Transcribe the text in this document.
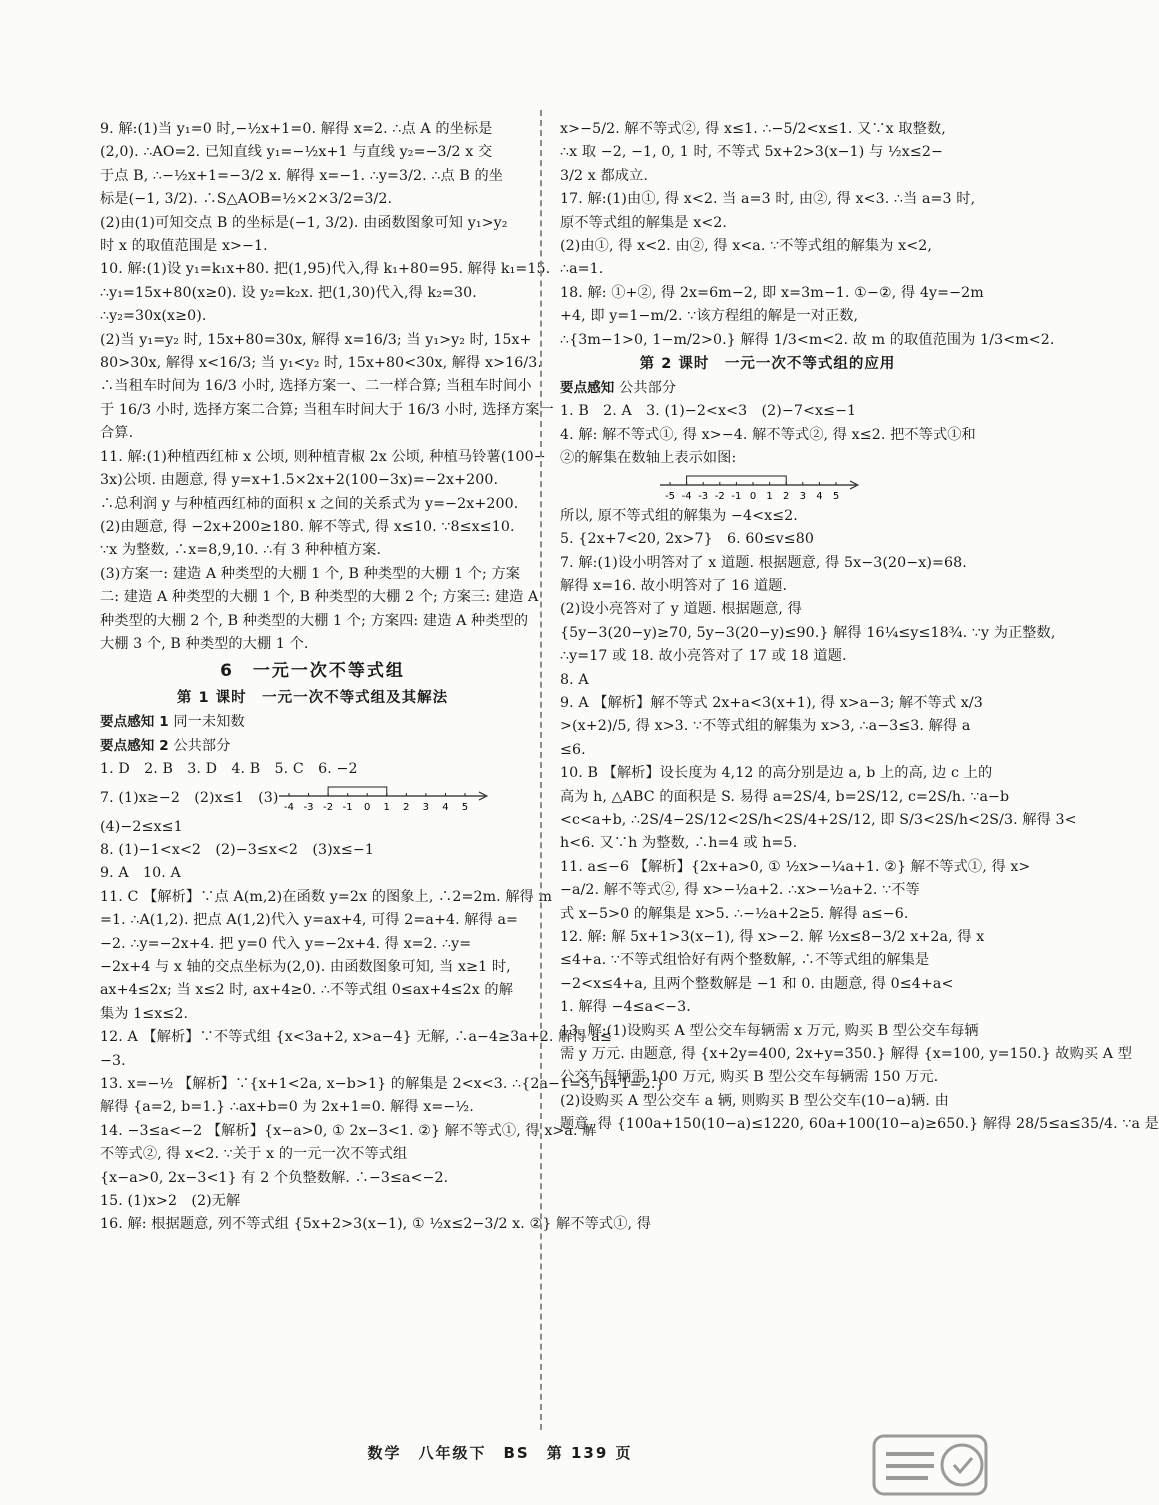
9. 解:(1)当 y₁=0 时,−½x+1=0. 解得 x=2. ∴点 A 的坐标是
(2,0). ∴AO=2. 已知直线 y₁=−½x+1 与直线 y₂=−3/2 x 交
于点 B, ∴−½x+1=−3/2 x. 解得 x=−1. ∴y=3/2. ∴点 B 的坐
标是(−1, 3/2). ∴S△AOB=½×2×3/2=3/2.
(2)由(1)可知交点 B 的坐标是(−1, 3/2). 由函数图象可知 y₁>y₂
时 x 的取值范围是 x>−1.
10. 解:(1)设 y₁=k₁x+80. 把(1,95)代入,得 k₁+80=95. 解得 k₁=15.
∴y₁=15x+80(x≥0). 设 y₂=k₂x. 把(1,30)代入,得 k₂=30.
∴y₂=30x(x≥0).
(2)当 y₁=y₂ 时, 15x+80=30x, 解得 x=16/3; 当 y₁>y₂ 时, 15x+
80>30x, 解得 x<16/3; 当 y₁<y₂ 时, 15x+80<30x, 解得 x>16/3.
∴当租车时间为 16/3 小时, 选择方案一、二一样合算; 当租车时间小
于 16/3 小时, 选择方案二合算; 当租车时间大于 16/3 小时, 选择方案一
合算.
11. 解:(1)种植西红柿 x 公顷, 则种植青椒 2x 公顷, 种植马铃薯(100−
3x)公顷. 由题意, 得 y=x+1.5×2x+2(100−3x)=−2x+200.
∴总利润 y 与种植西红柿的面积 x 之间的关系式为 y=−2x+200.
(2)由题意, 得 −2x+200≥180. 解不等式, 得 x≤10. ∵8≤x≤10.
∵x 为整数, ∴x=8,9,10. ∴有 3 种种植方案.
(3)方案一: 建造 A 种类型的大棚 1 个, B 种类型的大棚 1 个; 方案
二: 建造 A 种类型的大棚 1 个, B 种类型的大棚 2 个; 方案三: 建造 A
种类型的大棚 2 个, B 种类型的大棚 1 个; 方案四: 建造 A 种类型的
大棚 3 个, B 种类型的大棚 1 个.
6　一元一次不等式组
第 1 课时　一元一次不等式组及其解法
要点感知 1 同一未知数
要点感知 2 公共部分
1. D　2. B　3. D　4. B　5. C　6. −2
7. (1)x≥−2　(2)x≤1　(3)
-4 -3 -2 -1 0 1 2 3 4 5
(4)−2≤x≤1
8. (1)−1<x<2　(2)−3≤x<2　(3)x≤−1
9. A　10. A
11. C 【解析】∵点 A(m,2)在函数 y=2x 的图象上, ∴2=2m. 解得 m
=1. ∴A(1,2). 把点 A(1,2)代入 y=ax+4, 可得 2=a+4. 解得 a=
−2. ∴y=−2x+4. 把 y=0 代入 y=−2x+4. 得 x=2. ∴y=
−2x+4 与 x 轴的交点坐标为(2,0). 由函数图象可知, 当 x≥1 时,
ax+4≤2x; 当 x≤2 时, ax+4≥0. ∴不等式组 0≤ax+4≤2x 的解
集为 1≤x≤2.
12. A 【解析】∵不等式组 {x<3a+2, x>a−4} 无解, ∴a−4≥3a+2. 解得 a≤
−3.
13. x=−½ 【解析】∵{x+1<2a, x−b>1} 的解集是 2<x<3. ∴{2a−1=3, b+1=2.}
解得 {a=2, b=1.} ∴ax+b=0 为 2x+1=0. 解得 x=−½.
14. −3≤a<−2 【解析】{x−a>0, ① 2x−3<1. ②} 解不等式①, 得 x>a. 解
不等式②, 得 x<2. ∵关于 x 的一元一次不等式组
{x−a>0, 2x−3<1} 有 2 个负整数解. ∴−3≤a<−2.
15. (1)x>2　(2)无解
16. 解: 根据题意, 列不等式组 {5x+2>3(x−1), ① ½x≤2−3/2 x. ②} 解不等式①, 得
x>−5/2. 解不等式②, 得 x≤1. ∴−5/2<x≤1. 又∵x 取整数,
∴x 取 −2, −1, 0, 1 时, 不等式 5x+2>3(x−1) 与 ½x≤2−
3/2 x 都成立.
17. 解:(1)由①, 得 x<2. 当 a=3 时, 由②, 得 x<3. ∴当 a=3 时,
原不等式组的解集是 x<2.
(2)由①, 得 x<2. 由②, 得 x<a. ∵不等式组的解集为 x<2,
∴a=1.
18. 解: ①+②, 得 2x=6m−2, 即 x=3m−1. ①−②, 得 4y=−2m
+4, 即 y=1−m/2. ∵该方程组的解是一对正数,
∴{3m−1>0, 1−m/2>0.} 解得 1/3<m<2. 故 m 的取值范围为 1/3<m<2.
第 2 课时　一元一次不等式组的应用
要点感知 公共部分
1. B　2. A　3. (1)−2<x<3　(2)−7<x≤−1
4. 解: 解不等式①, 得 x>−4. 解不等式②, 得 x≤2. 把不等式①和
②的解集在数轴上表示如图:
-5 -4 -3 -2 -1 0 1 2 3 4 5
所以, 原不等式组的解集为 −4<x≤2.
5. {2x+7<20, 2x>7}　6. 60≤v≤80
7. 解:(1)设小明答对了 x 道题. 根据题意, 得 5x−3(20−x)=68.
解得 x=16. 故小明答对了 16 道题.
(2)设小亮答对了 y 道题. 根据题意, 得
{5y−3(20−y)≥70, 5y−3(20−y)≤90.} 解得 16¼≤y≤18¾. ∵y 为正整数,
∴y=17 或 18. 故小亮答对了 17 或 18 道题.
8. A
9. A 【解析】解不等式 2x+a<3(x+1), 得 x>a−3; 解不等式 x/3
>(x+2)/5, 得 x>3. ∵不等式组的解集为 x>3, ∴a−3≤3. 解得 a
≤6.
10. B 【解析】设长度为 4,12 的高分别是边 a, b 上的高, 边 c 上的
高为 h, △ABC 的面积是 S. 易得 a=2S/4, b=2S/12, c=2S/h. ∵a−b
<c<a+b, ∴2S/4−2S/12<2S/h<2S/4+2S/12, 即 S/3<2S/h<2S/3. 解得 3<
h<6. 又∵h 为整数, ∴h=4 或 h=5.
11. a≤−6 【解析】{2x+a>0, ① ½x>−¼a+1. ②} 解不等式①, 得 x>
−a/2. 解不等式②, 得 x>−½a+2. ∴x>−½a+2. ∵不等
式 x−5>0 的解集是 x>5. ∴−½a+2≥5. 解得 a≤−6.
12. 解: 解 5x+1>3(x−1), 得 x>−2. 解 ½x≤8−3/2 x+2a, 得 x
≤4+a. ∵不等式组恰好有两个整数解, ∴不等式组的解集是
−2<x≤4+a, 且两个整数解是 −1 和 0. 由题意, 得 0≤4+a<
1. 解得 −4≤a<−3.
13. 解:(1)设购买 A 型公交车每辆需 x 万元, 购买 B 型公交车每辆
需 y 万元. 由题意, 得 {x+2y=400, 2x+y=350.} 解得 {x=100, y=150.} 故购买 A 型
公交车每辆需 100 万元, 购买 B 型公交车每辆需 150 万元.
(2)设购买 A 型公交车 a 辆, 则购买 B 型公交车(10−a)辆. 由
题意, 得 {100a+150(10−a)≤1220, 60a+100(10−a)≥650.} 解得 28/5≤a≤35/4. ∵a 是
数学　八年级下　BS　第 139 页
